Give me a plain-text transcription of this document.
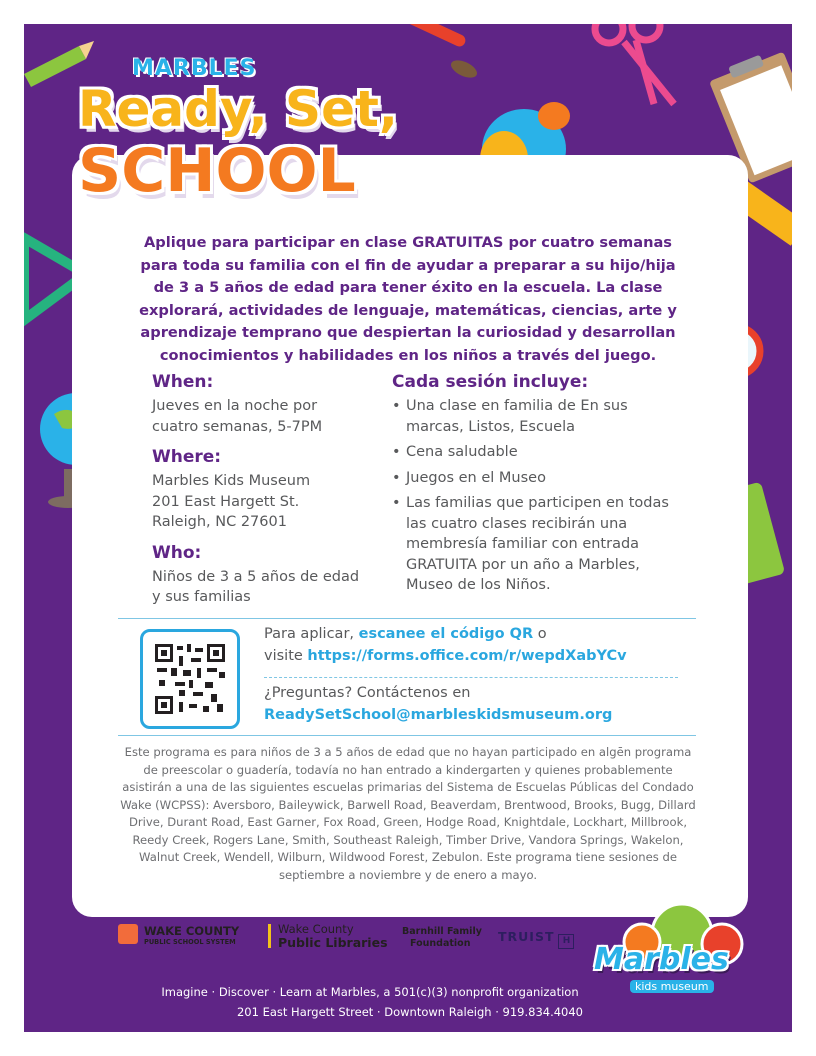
MARBLES
Ready, Set,
SCHOOL

Aplique para participar en clase GRATUITAS por cuatro semanas para toda su familia con el fin de ayudar a preparar a su hijo/hija de 3 a 5 años de edad para tener éxito en la escuela. La clase explorará, actividades de lenguaje, matemáticas, ciencias, arte y aprendizaje temprano que despiertan la curiosidad y desarrollan conocimientos y habilidades en los niños a través del juego.

When:
Jueves en la noche por cuatro semanas, 5-7PM
Where:
Marbles Kids Museum
201 East Hargett St.
Raleigh, NC 27601
Who:
Niños de 3 a 5 años de edad y sus familias
Cada sesión incluye:
• Una clase en familia de En sus marcas, Listos, Escuela
• Cena saludable
• Juegos en el Museo
• Las familias que participen en todas las cuatro clases recibirán una membresía familiar con entrada GRATUITA por un año a Marbles, Museo de los Niños.
Para aplicar, escanee el código QR o
visite https://forms.office.com/r/wepdXabYCv
¿Preguntas? Contáctenos en
ReadySetSchool@marbleskidsmuseum.org

Este programa es para niños de 3 a 5 años de edad que no hayan participado en algēn programa de preescolar o guadería, todavía no han entrado a kindergarten y quienes probablemente asistirán a una de las siguientes escuelas primarias del Sistema de Escuelas Públicas del Condado Wake (WCPSS): Aversboro, Baileywick, Barwell Road, Beaverdam, Brentwood, Brooks, Bugg, Dillard Drive, Durant Road, East Garner, Fox Road, Green, Hodge Road, Knightdale, Lockhart, Millbrook, Reedy Creek, Rogers Lane, Smith, Southeast Raleigh, Timber Drive, Vandora Springs, Wakelon, Walnut Creek, Wendell, Wilburn, Wildwood Forest, Zebulon. Este programa tiene sesiones de septiembre a noviembre y de enero a mayo.

WAKE COUNTY
PUBLIC SCHOOL SYSTEM
Wake County
Public Libraries
Barnhill Family
Foundation TRUIST H
Marbles
kids museum
Imagine · Discover · Learn at Marbles, a 501(c)(3) nonprofit organization
201 East Hargett Street · Downtown Raleigh · 919.834.4040
